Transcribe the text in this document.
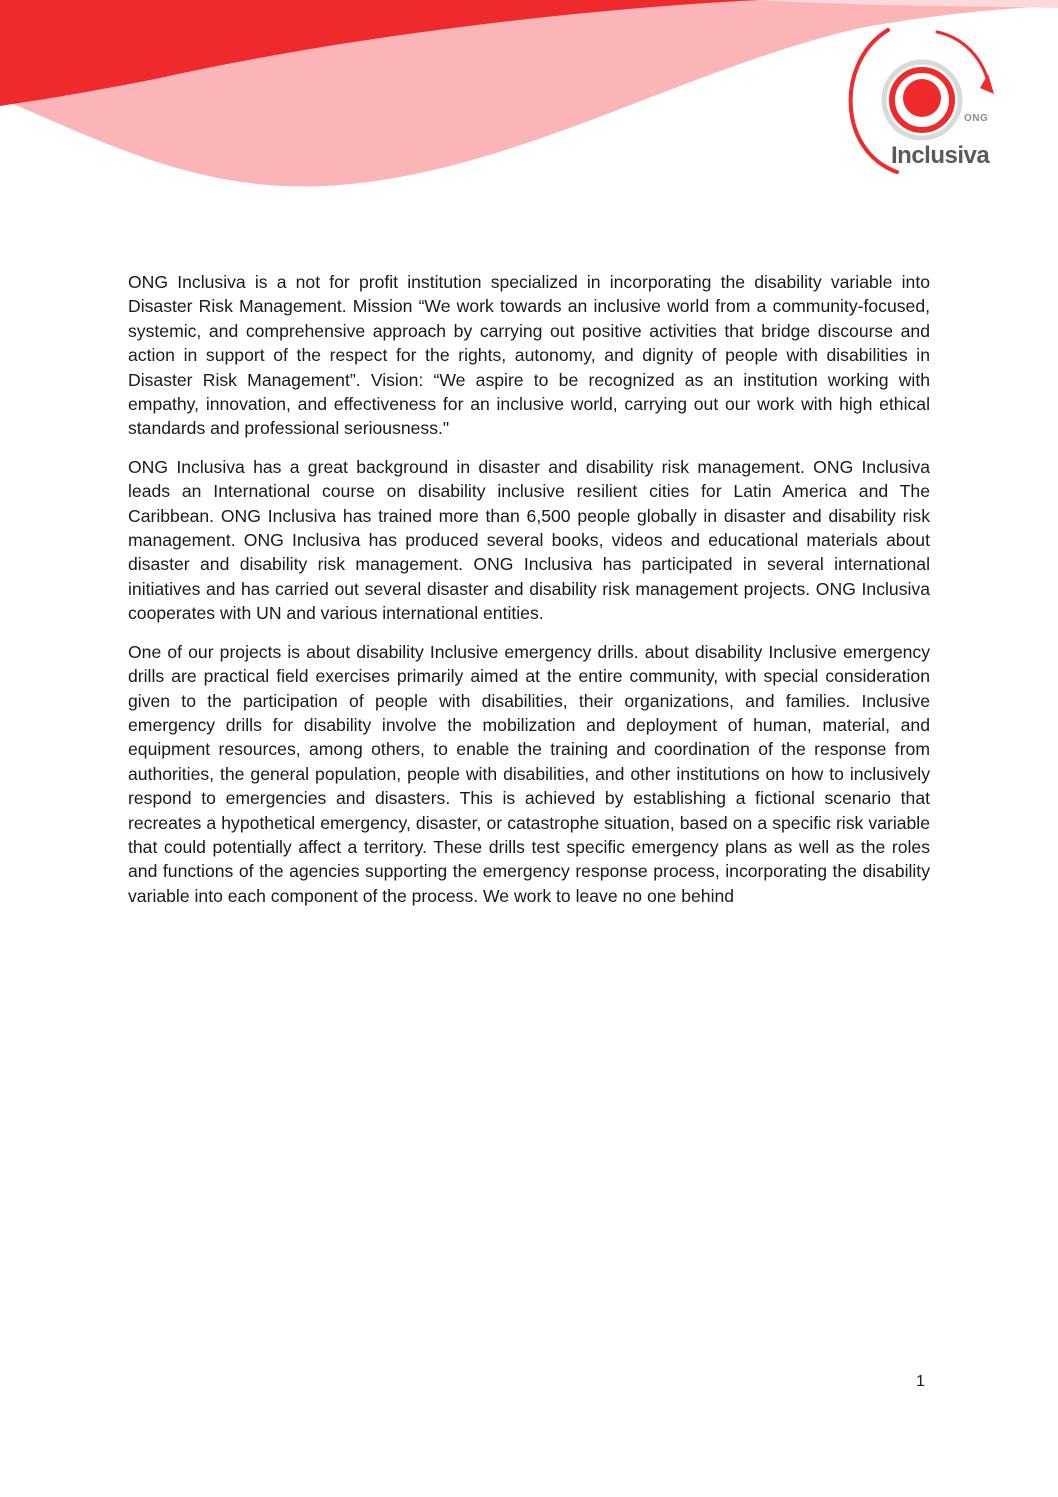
ONG
Inclusiva

ONG Inclusiva is a not for profit institution specialized in incorporating the disability variable into Disaster Risk Management. Mission “We work towards an inclusive world from a community-focused, systemic, and comprehensive approach by carrying out positive activities that bridge discourse and action in support of the respect for the rights, autonomy, and dignity of people with disabilities in Disaster Risk Management”. Vision: “We aspire to be recognized as an institution working with empathy, innovation, and effectiveness for an inclusive world, carrying out our work with high ethical standards and professional seriousness."

ONG Inclusiva has a great background in disaster and disability risk management. ONG Inclusiva leads an International course on disability inclusive resilient cities for Latin America and The Caribbean. ONG Inclusiva has trained more than 6,500 people globally in disaster and disability risk management. ONG Inclusiva has produced several books, videos and educational materials about disaster and disability risk management. ONG Inclusiva has participated in several international initiatives and has carried out several disaster and disability risk management projects. ONG Inclusiva cooperates with UN and various international entities.

One of our projects is about disability Inclusive emergency drills. about disability Inclusive emergency drills are practical field exercises primarily aimed at the entire community, with special consideration given to the participation of people with disabilities, their organizations, and families. Inclusive emergency drills for disability involve the mobilization and deployment of human, material, and equipment resources, among others, to enable the training and coordination of the response from authorities, the general population, people with disabilities, and other institutions on how to inclusively respond to emergencies and disasters. This is achieved by establishing a fictional scenario that recreates a hypothetical emergency, disaster, or catastrophe situation, based on a specific risk variable that could potentially affect a territory. These drills test specific emergency plans as well as the roles and functions of the agencies supporting the emergency response process, incorporating the disability variable into each component of the process. We work to leave no one behind

1
